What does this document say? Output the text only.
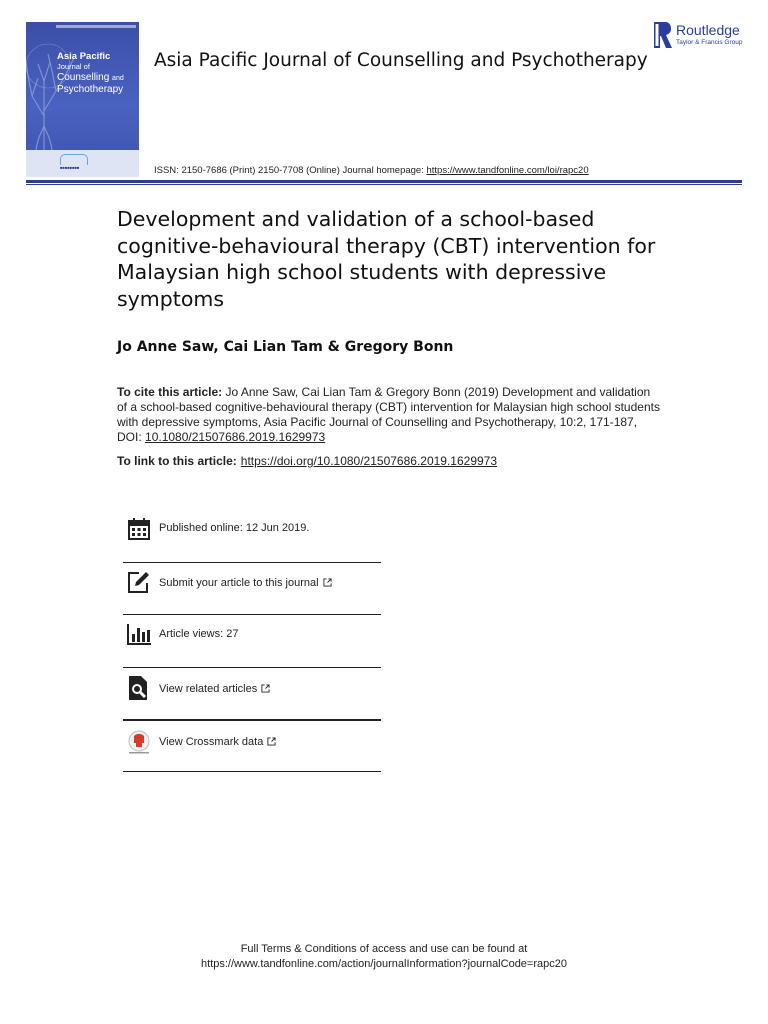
Asia Pacific
Journal of
Counselling and
Psychotherapy
■■■■■■■■
Asia Pacific Journal of Counselling and Psychotherapy
ISSN: 2150-7686 (Print) 2150-7708 (Online) Journal homepage: https://www.tandfonline.com/loi/rapc20
Routledge
Taylor & Francis Group
Development and validation of a school-based cognitive-behavioural therapy (CBT) intervention for Malaysian high school students with depressive symptoms
Jo Anne Saw, Cai Lian Tam & Gregory Bonn
To cite this article: Jo Anne Saw, Cai Lian Tam & Gregory Bonn (2019) Development and validation of a school-based cognitive-behavioural therapy (CBT) intervention for Malaysian high school students with depressive symptoms, Asia Pacific Journal of Counselling and Psychotherapy, 10:2, 171-187, DOI: 10.1080/21507686.2019.1629973
To link to this article: https://doi.org/10.1080/21507686.2019.1629973
Published online: 12 Jun 2019.
Submit your article to this journal
Article views: 27
View related articles
View Crossmark data
Full Terms & Conditions of access and use can be found at
https://www.tandfonline.com/action/journalInformation?journalCode=rapc20
